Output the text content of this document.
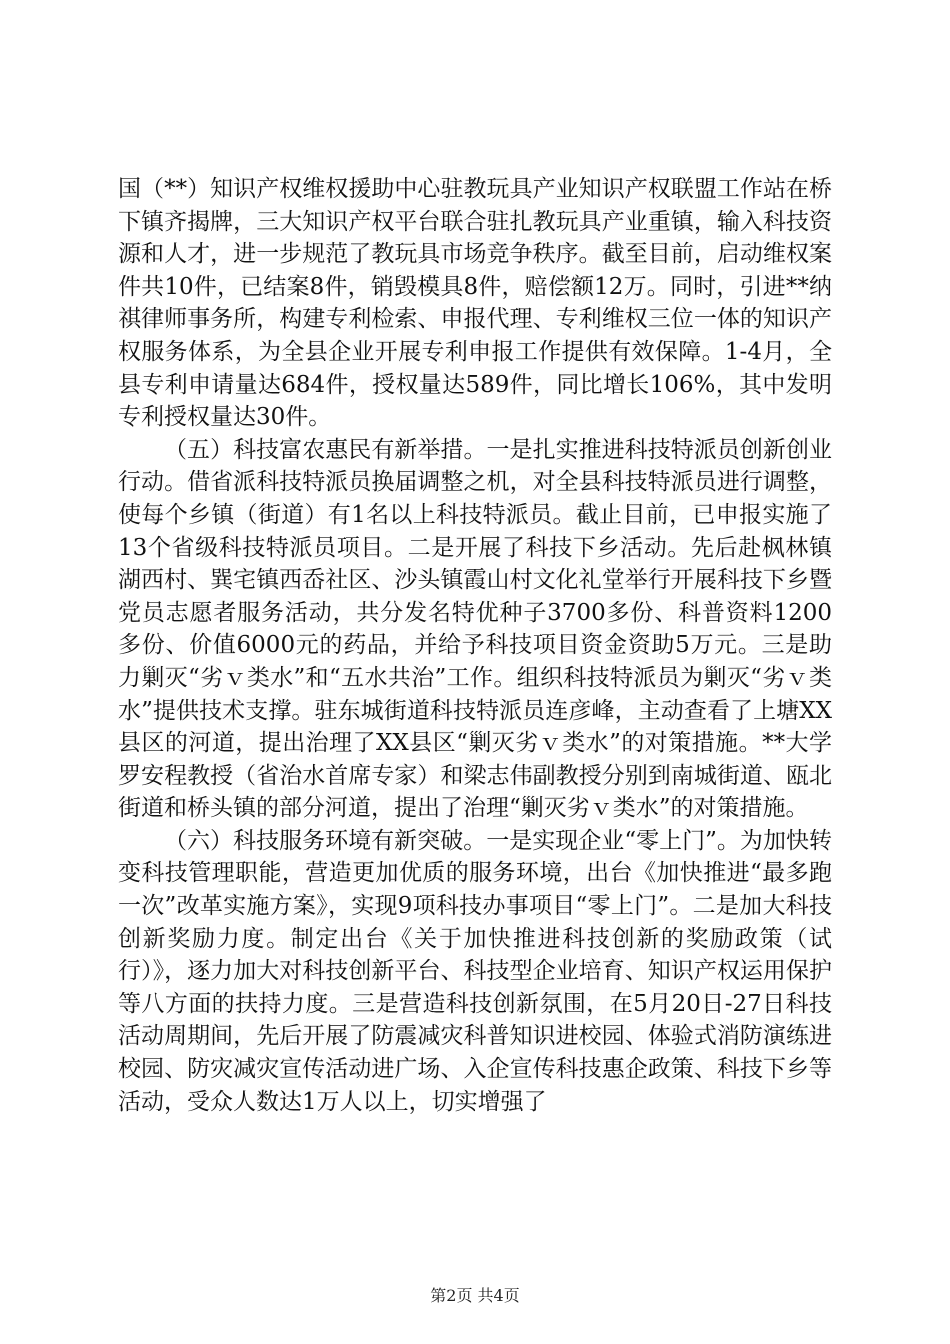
国（**）知识产权维权援助中心驻教玩具产业知识产权联盟工作站在桥下镇齐揭牌，三大知识产权平台联合驻扎教玩具产业重镇，输入科技资源和人才，进一步规范了教玩具市场竞争秩序。截至目前，启动维权案件共10件，已结案8件，销毁模具8件，赔偿额12万。同时，引进**纳祺律师事务所，构建专利检索、申报代理、专利维权三位一体的知识产权服务体系，为全县企业开展专利申报工作提供有效保障。1-4月，全县专利申请量达684件，授权量达589件，同比增长106%，其中发明专利授权量达30件。

（五）科技富农惠民有新举措。一是扎实推进科技特派员创新创业行动。借省派科技特派员换届调整之机，对全县科技特派员进行调整，使每个乡镇（街道）有1名以上科技特派员。截止目前，已申报实施了13个省级科技特派员项目。二是开展了科技下乡活动。先后赴枫林镇湖西村、巽宅镇西岙社区、沙头镇霞山村文化礼堂举行开展科技下乡暨党员志愿者服务活动，共分发名特优种子3700多份、科普资料1200多份、价值6000元的药品，并给予科技项目资金资助5万元。三是助力剿灭“劣ｖ类水”和“五水共治”工作。组织科技特派员为剿灭“劣ｖ类水”提供技术支撑。驻东城街道科技特派员连彦峰，主动查看了上塘XX县区的河道，提出治理了XX县区“剿灭劣ｖ类水”的对策措施。**大学罗安程教授（省治水首席专家）和梁志伟副教授分别到南城街道、瓯北街道和桥头镇的部分河道，提出了治理“剿灭劣ｖ类水”的对策措施。

（六）科技服务环境有新突破。一是实现企业“零上门”。为加快转变科技管理职能，营造更加优质的服务环境，出台《加快推进“最多跑一次”改革实施方案》，实现9项科技办事项目“零上门”。二是加大科技创新奖励力度。制定出台《关于加快推进科技创新的奖励政策（试行）》，逐力加大对科技创新平台、科技型企业培育、知识产权运用保护等八方面的扶持力度。三是营造科技创新氛围，在5月20日-27日科技活动周期间，先后开展了防震减灾科普知识进校园、体验式消防演练进校园、防灾减灾宣传活动进广场、入企宣传科技惠企政策、科技下乡等活动，受众人数达1万人以上，切实增强了

第2页 共4页
